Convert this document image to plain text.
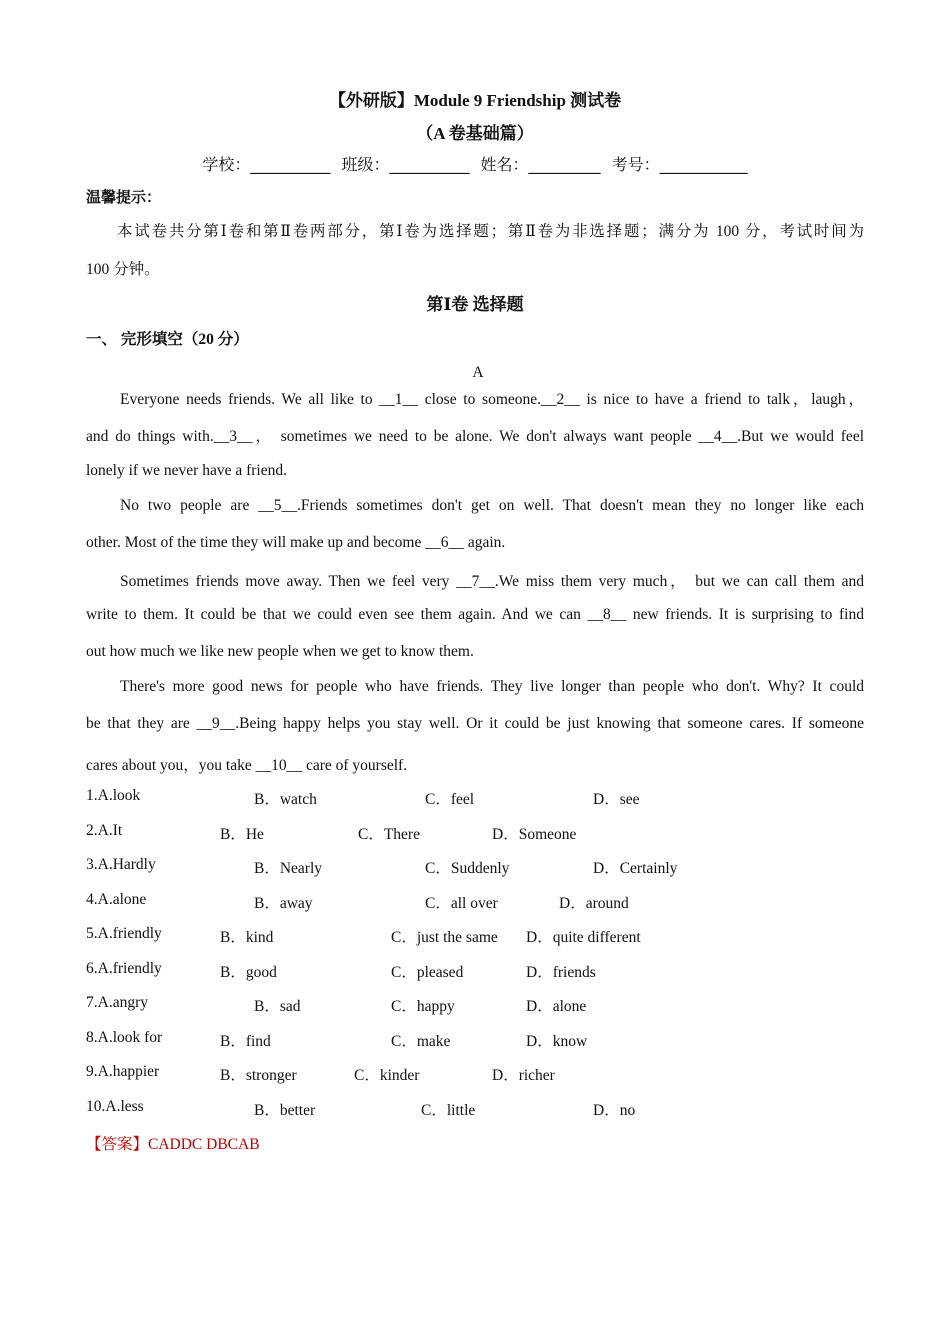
【外研版】Module 9 Friendship 测试卷
（A 卷基础篇）
学校：__________ 班级：__________ 姓名：_________ 考号：___________
温馨提示：
本试卷共分第Ⅰ卷和第Ⅱ卷两部分，第Ⅰ卷为选择题；第Ⅱ卷为非选择题；满分为 100 分，考试时间为
100 分钟。
第Ⅰ卷 选择题
一、 完形填空（20 分）
A
Everyone needs friends. We all like to __1__ close to someone.__2__ is nice to have a friend to talk，laugh，
and do things with.__3__， sometimes we need to be alone. We don't always want people __4__.But we would feel
lonely if we never have a friend.
No two people are __5__.Friends sometimes don't get on well. That doesn't mean they no longer like each
other. Most of the time they will make up and become __6__ again.
Sometimes friends move away. Then we feel very __7__.We miss them very much， but we can call them and
write to them. It could be that we could even see them again. And we can __8__ new friends. It is surprising to find
out how much we like new people when we get to know them.
There's more good news for people who have friends. They live longer than people who don't. Why? It could
be that they are __9__.Being happy helps you stay well. Or it could be just knowing that someone cares. If someone
cares about you，you take __10__ care of yourself.
1.A.look	B．watch	C．feel	D．see
2.A.It	B．He	C．There	D．Someone
3.A.Hardly	B．Nearly	C．Suddenly	D．Certainly
4.A.alone	B．away	C．all over	D．around
5.A.friendly	B．kind	C．just the same D．quite different
6.A.friendly	B．good	C．pleased	D．friends
7.A.angry	B．sad	C．happy	D．alone
8.A.look for	B．find	C．make	D．know
9.A.happier	B．stronger	C．kinder	D．richer
10.A.less	B．better	C．little	D．no
【答案】CADDC DBCAB
